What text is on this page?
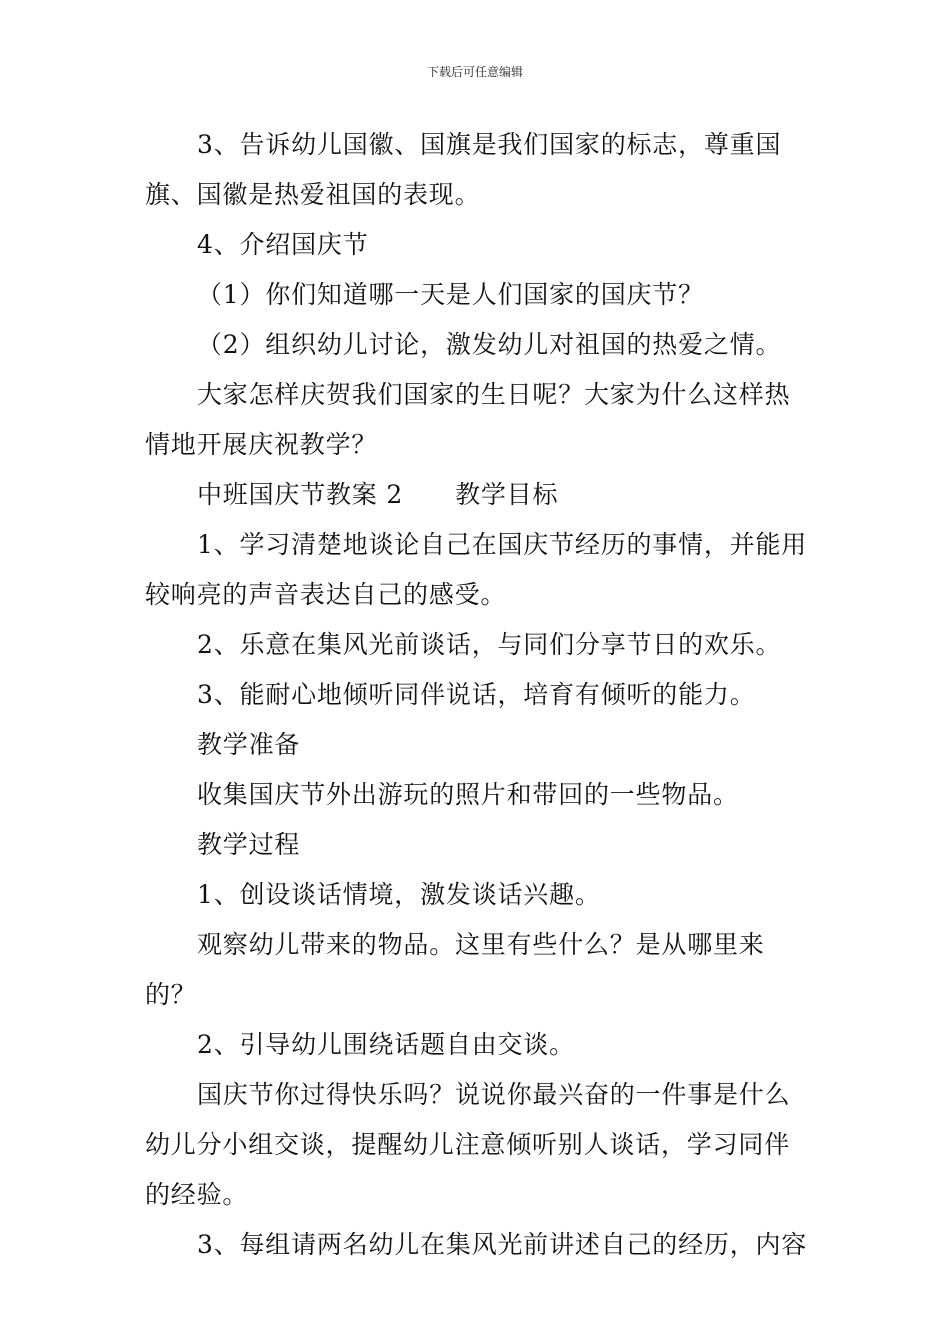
下载后可任意编辑

3、告诉幼儿国徽、国旗是我们国家的标志，尊重国旗、国徽是热爱祖国的表现。

4、介绍国庆节

（1）你们知道哪一天是人们国家的国庆节？

（2）组织幼儿讨论，激发幼儿对祖国的热爱之情。

大家怎样庆贺我们国家的生日呢？大家为什么这样热情地开展庆祝教学？

中班国庆节教案 2 教学目标

1、学习清楚地谈论自己在国庆节经历的事情，并能用较响亮的声音表达自己的感受。

2、乐意在集风光前谈话，与同们分享节日的欢乐。

3、能耐心地倾听同伴说话，培育有倾听的能力。

教学准备

收集国庆节外出游玩的照片和带回的一些物品。

教学过程

1、创设谈话情境，激发谈话兴趣。

观察幼儿带来的物品。这里有些什么？是从哪里来的？

2、引导幼儿围绕话题自由交谈。

国庆节你过得快乐吗？说说你最兴奋的一件事是什么幼儿分小组交谈，提醒幼儿注意倾听别人谈话，学习同伴的经验。

3、每组请两名幼儿在集风光前讲述自己的经历，内容
